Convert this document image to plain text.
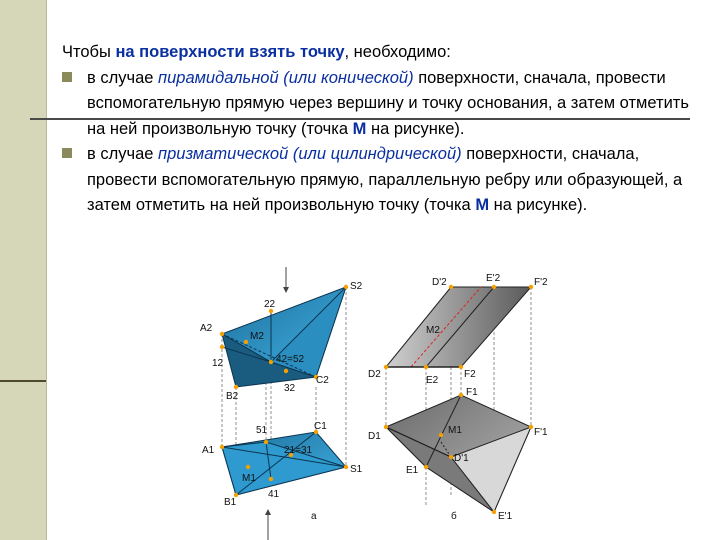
Чтобы на поверхности взять точку, необходимо:

в случае пирамидальной (или конической) поверхности, сначала, провести вспомогательную прямую через вершину и точку основания, а затем отметить на ней произвольную точку (точка М на рисунке).

в случае призматической (или цилиндрической) поверхности, сначала, провести вспомогательную прямую, параллельную ребру или образующей, а затем отметить на ней произвольную точку (точка М на рисунке).

S2
22
A2
M2
12	42=52
32
C2
B2
51	C1
A1	21=31
M1
S1
B1
41
а
D'2	E'2	F'2
M2
D2
E2
F2
F1
D1
M1	F'1
D'1
E1
E'1
б
